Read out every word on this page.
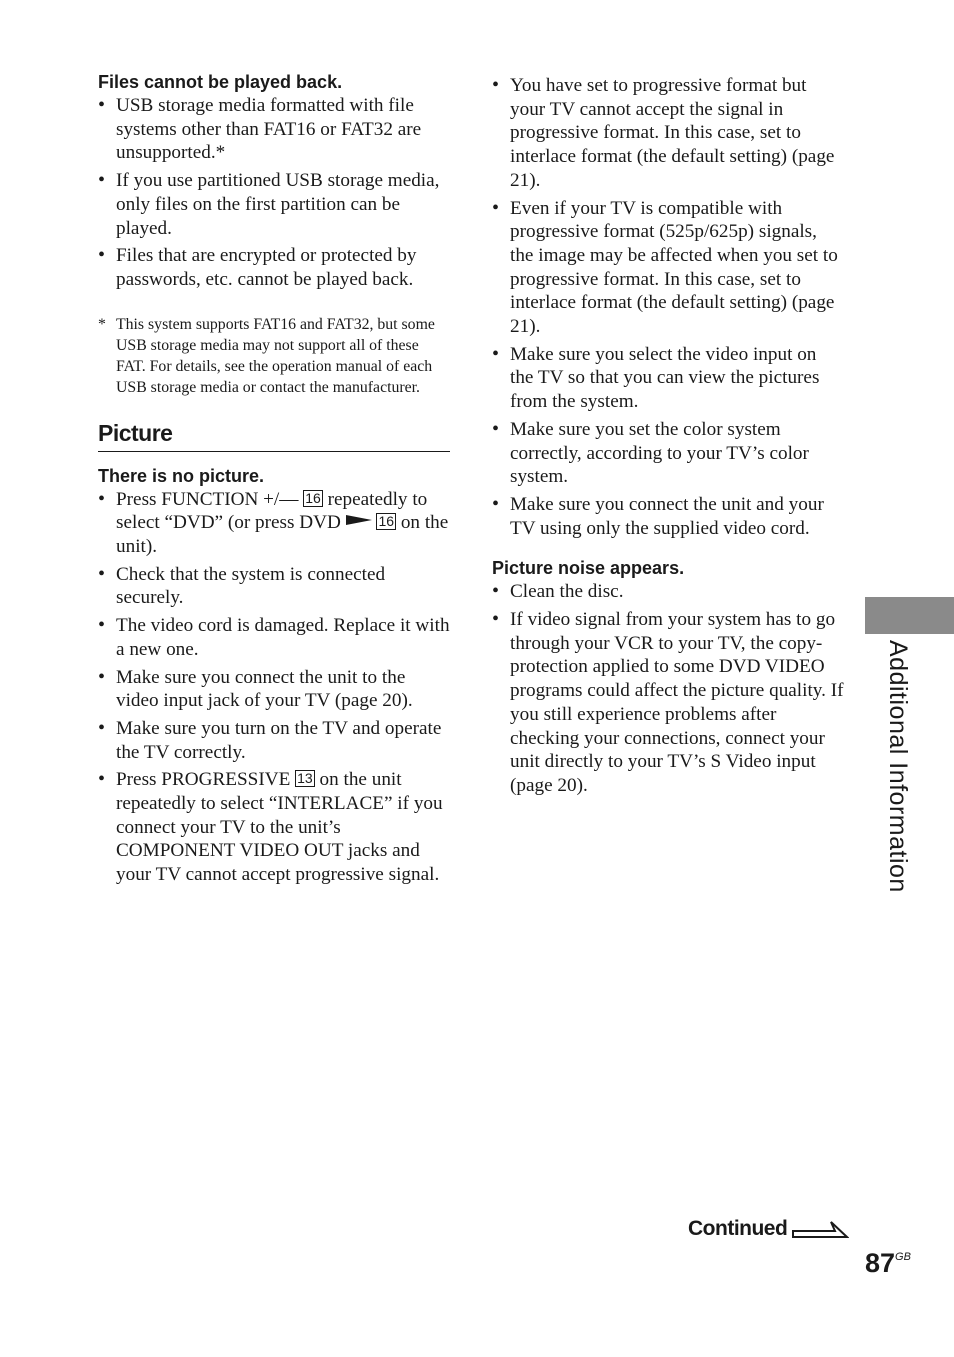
Files cannot be played back.

• USB storage media formatted with file systems other than FAT16 or FAT32 are unsupported.*
• If you use partitioned USB storage media, only files on the first partition can be played.
• Files that are encrypted or protected by passwords, etc. cannot be played back.
* This system supports FAT16 and FAT32, but some USB storage media may not support all of these FAT. For details, see the operation manual of each USB storage media or contact the manufacturer.
Picture

There is no picture.

• Press FUNCTION +/— 16 repeatedly to select “DVD” (or press DVD  16 on the unit).
• Check that the system is connected securely.
• The video cord is damaged. Replace it with a new one.
• Make sure you connect the unit to the video input jack of your TV (page 20).
• Make sure you turn on the TV and operate the TV correctly.
• Press PROGRESSIVE 13 on the unit repeatedly to select “INTERLACE” if you connect your TV to the unit’s COMPONENT VIDEO OUT jacks and your TV cannot accept progressive signal.
• You have set to progressive format but your TV cannot accept the signal in progressive format. In this case, set to interlace format (the default setting) (page 21).
• Even if your TV is compatible with progressive format (525p/625p) signals, the image may be affected when you set to progressive format. In this case, set to interlace format (the default setting) (page 21).
• Make sure you select the video input on the TV so that you can view the pictures from the system.
• Make sure you set the color system correctly, according to your TV’s color system.
• Make sure you connect the unit and your TV using only the supplied video cord.

Picture noise appears.

• Clean the disc.
• If video signal from your system has to go through your VCR to your TV, the copy-protection applied to some DVD VIDEO programs could affect the picture quality. If you still experience problems after checking your connections, connect your unit directly to your TV’s S Video input (page 20).	Additional Information
Continued
$87^{GB}$
